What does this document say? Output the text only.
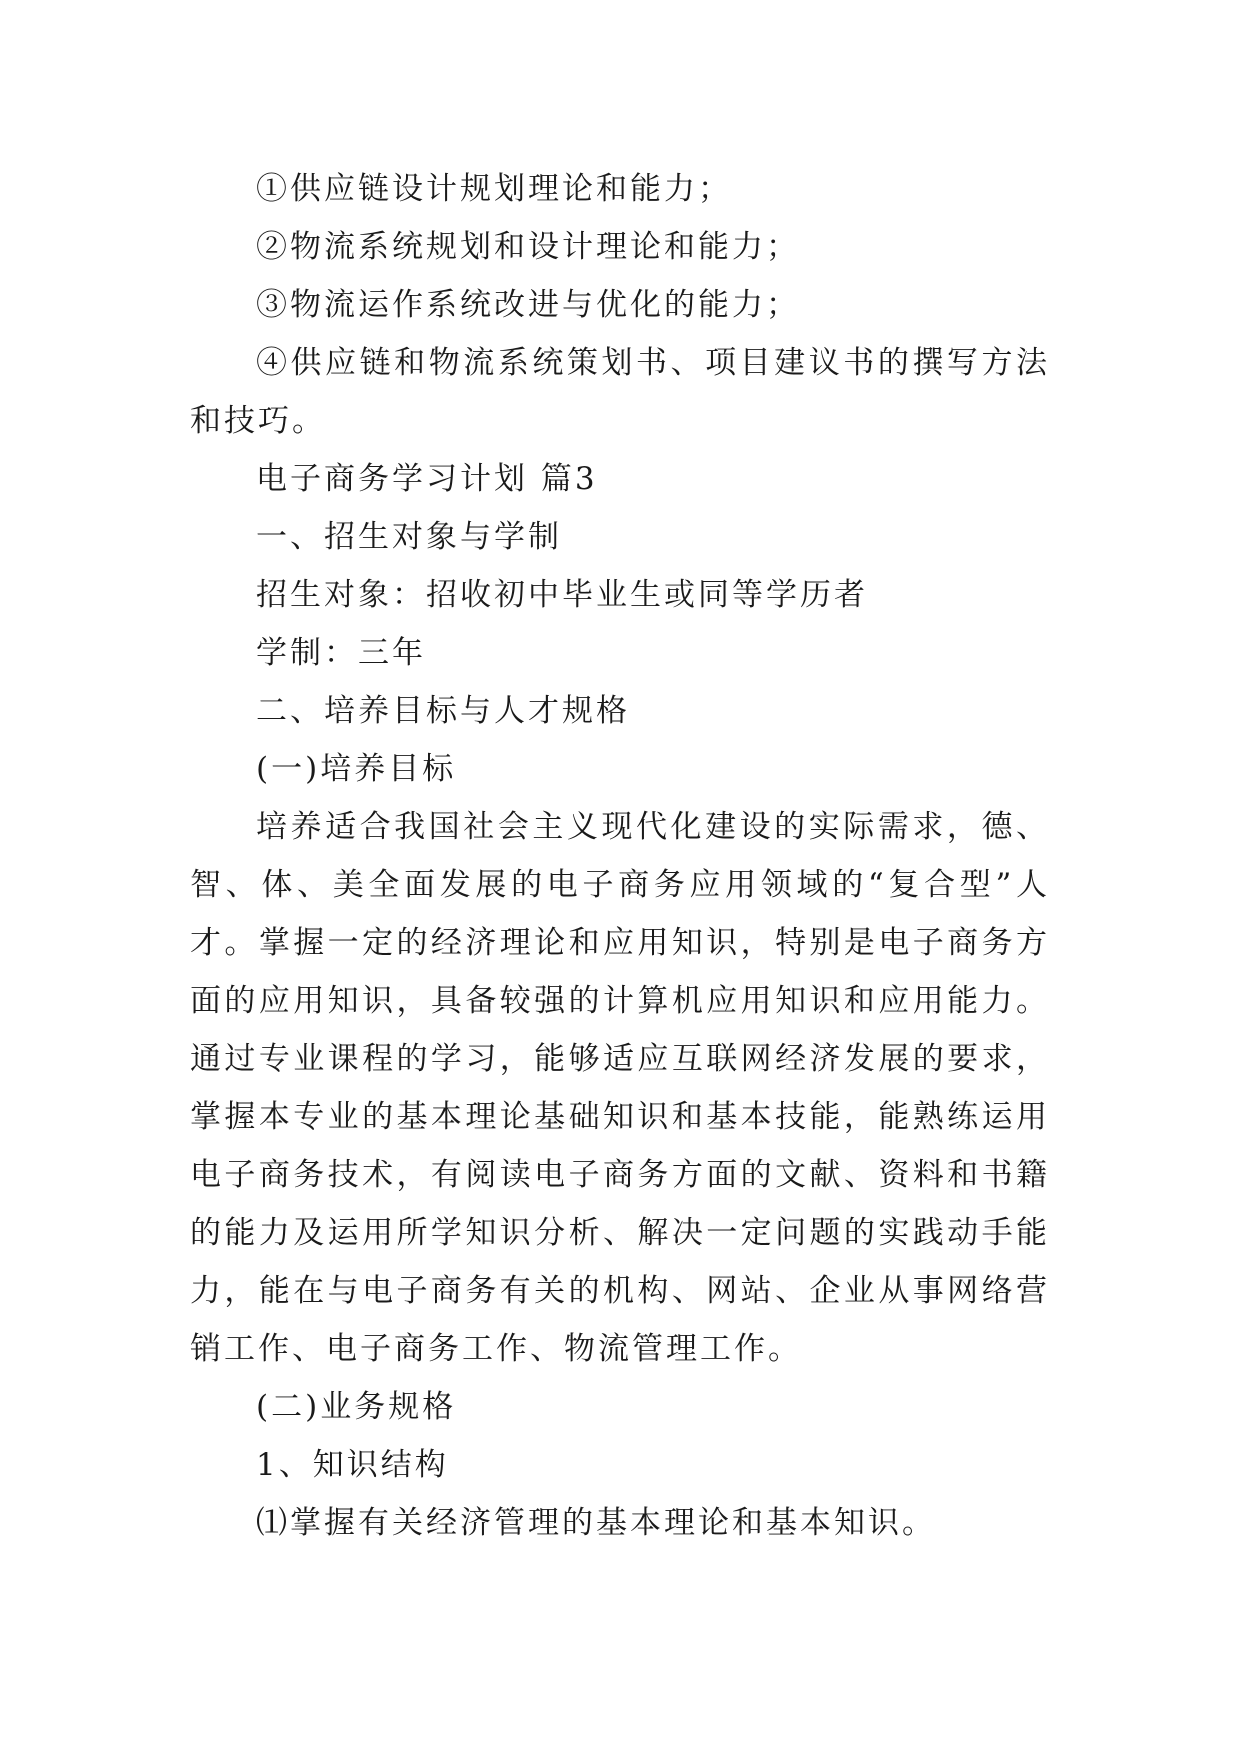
①供应链设计规划理论和能力；

②物流系统规划和设计理论和能力；

③物流运作系统改进与优化的能力；

④供应链和物流系统策划书、项目建议书的撰写方法和技巧。

电子商务学习计划 篇3

一、招生对象与学制

招生对象：招收初中毕业生或同等学历者

学制：三年

二、培养目标与人才规格

(一)培养目标

培养适合我国社会主义现代化建设的实际需求，德、智、体、美全面发展的电子商务应用领域的“复合型”人才。掌握一定的经济理论和应用知识，特别是电子商务方面的应用知识，具备较强的计算机应用知识和应用能力。通过专业课程的学习，能够适应互联网经济发展的要求，掌握本专业的基本理论基础知识和基本技能，能熟练运用电子商务技术，有阅读电子商务方面的文献、资料和书籍的能力及运用所学知识分析、解决一定问题的实践动手能力，能在与电子商务有关的机构、网站、企业从事网络营销工作、电子商务工作、物流管理工作。

(二)业务规格

1、知识结构

⑴掌握有关经济管理的基本理论和基本知识。
